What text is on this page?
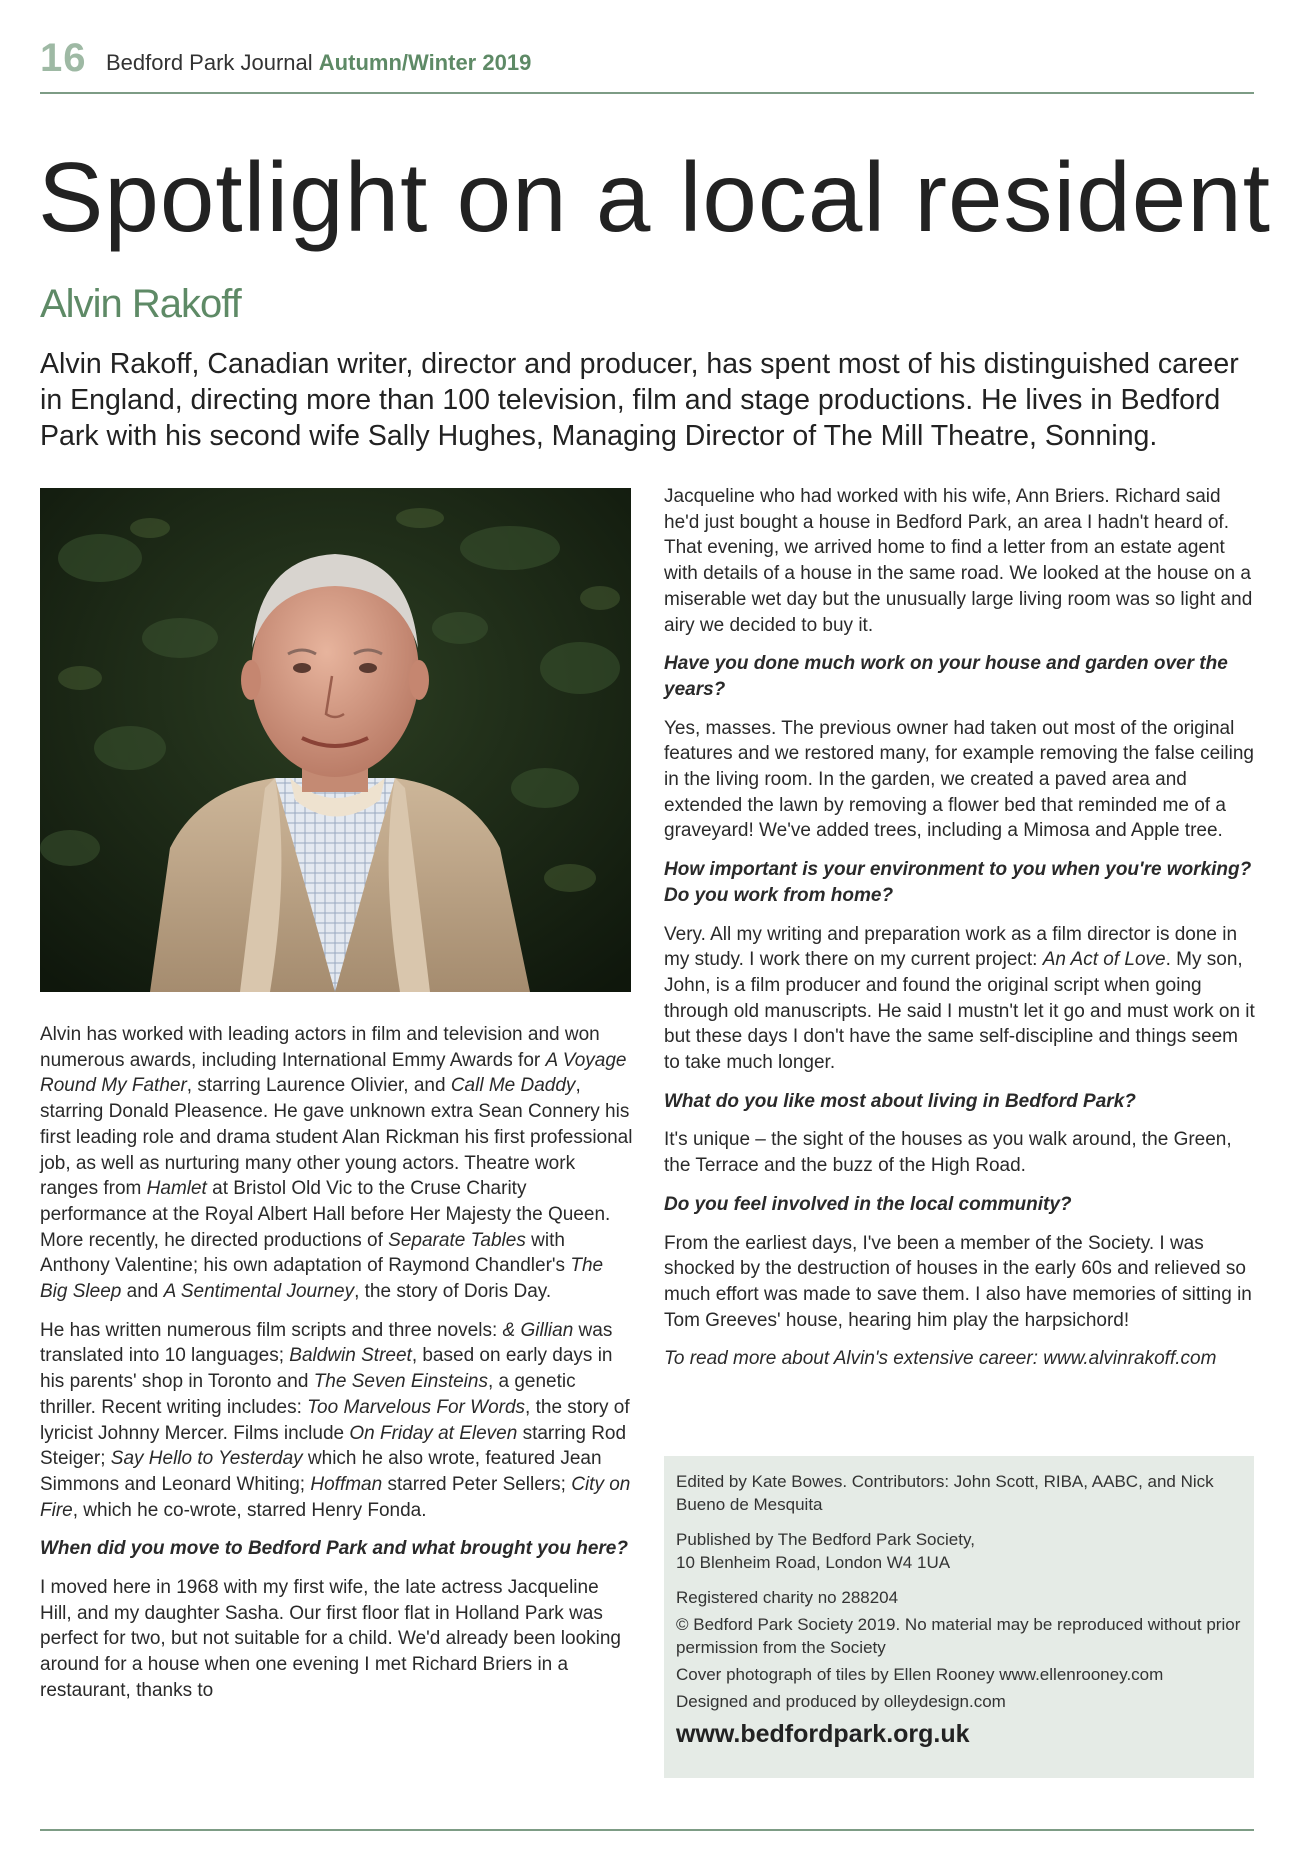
16 Bedford Park Journal Autumn/Winter 2019
Spotlight on a local resident
Alvin Rakoff
Alvin Rakoff, Canadian writer, director and producer, has spent most of his distinguished career in England, directing more than 100 television, film and stage productions. He lives in Bedford Park with his second wife Sally Hughes, Managing Director of The Mill Theatre, Sonning.

Alvin has worked with leading actors in film and television and won numerous awards, including International Emmy Awards for A Voyage Round My Father, starring Laurence Olivier, and Call Me Daddy, starring Donald Pleasence. He gave unknown extra Sean Connery his first leading role and drama student Alan Rickman his first professional job, as well as nurturing many other young actors. Theatre work ranges from Hamlet at Bristol Old Vic to the Cruse Charity performance at the Royal Albert Hall before Her Majesty the Queen. More recently, he directed productions of Separate Tables with Anthony Valentine; his own adaptation of Raymond Chandler's The Big Sleep and A Sentimental Journey, the story of Doris Day.

He has written numerous film scripts and three novels: & Gillian was translated into 10 languages; Baldwin Street, based on early days in his parents' shop in Toronto and The Seven Einsteins, a genetic thriller. Recent writing includes: Too Marvelous For Words, the story of lyricist Johnny Mercer. Films include On Friday at Eleven starring Rod Steiger; Say Hello to Yesterday which he also wrote, featured Jean Simmons and Leonard Whiting; Hoffman starred Peter Sellers; City on Fire, which he co-wrote, starred Henry Fonda.

When did you move to Bedford Park and what brought you here?

I moved here in 1968 with my first wife, the late actress Jacqueline Hill, and my daughter Sasha. Our first floor flat in Holland Park was perfect for two, but not suitable for a child. We'd already been looking around for a house when one evening I met Richard Briers in a restaurant, thanks to

Jacqueline who had worked with his wife, Ann Briers. Richard said he'd just bought a house in Bedford Park, an area I hadn't heard of. That evening, we arrived home to find a letter from an estate agent with details of a house in the same road. We looked at the house on a miserable wet day but the unusually large living room was so light and airy we decided to buy it.

Have you done much work on your house and garden over the years?

Yes, masses. The previous owner had taken out most of the original features and we restored many, for example removing the false ceiling in the living room. In the garden, we created a paved area and extended the lawn by removing a flower bed that reminded me of a graveyard! We've added trees, including a Mimosa and Apple tree.

How important is your environment to you when you're working? Do you work from home?

Very. All my writing and preparation work as a film director is done in my study. I work there on my current project: An Act of Love. My son, John, is a film producer and found the original script when going through old manuscripts. He said I mustn't let it go and must work on it but these days I don't have the same self-discipline and things seem to take much longer.

What do you like most about living in Bedford Park?

It's unique – the sight of the houses as you walk around, the Green, the Terrace and the buzz of the High Road.

Do you feel involved in the local community?

From the earliest days, I've been a member of the Society. I was shocked by the destruction of houses in the early 60s and relieved so much effort was made to save them. I also have memories of sitting in Tom Greeves' house, hearing him play the harpsichord!

To read more about Alvin's extensive career: www.alvinrakoff.com

Edited by Kate Bowes. Contributors: John Scott, RIBA, AABC, and Nick Bueno de Mesquita

Published by The Bedford Park Society,
10 Blenheim Road, London W4 1UA

Registered charity no 288204

© Bedford Park Society 2019. No material may be reproduced without prior permission from the Society

Cover photograph of tiles by Ellen Rooney www.ellenrooney.com

Designed and produced by olleydesign.com

www.bedfordpark.org.uk
